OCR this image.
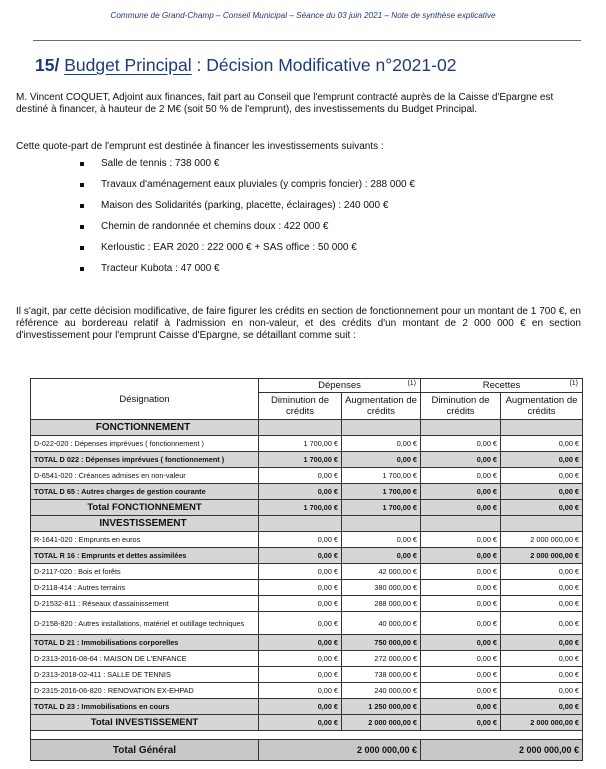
Commune de Grand-Champ – Conseil Municipal – Séance du 03 juin 2021 – Note de synthèse explicative
15/ Budget Principal : Décision Modificative n°2021-02
M. Vincent COQUET, Adjoint aux finances, fait part au Conseil que l'emprunt contracté auprès de la Caisse d'Epargne est destiné à financer, à hauteur de 2 M€ (soit 50 % de l'emprunt), des investissements du Budget Principal.
Cette quote-part de l'emprunt est destinée à financer les investissements suivants :
Salle de tennis : 738 000 €
Travaux d'aménagement eaux pluviales (y compris foncier) : 288 000 €
Maison des Solidarités (parking, placette, éclairages) : 240 000 €
Chemin de randonnée et chemins doux : 422 000 €
Kerloustic : EAR 2020 : 222 000 € + SAS office : 50 000 €
Tracteur Kubota : 47 000 €
Il s'agit, par cette décision modificative, de faire figurer les crédits en section de fonctionnement pour un montant de 1 700 €, en référence au bordereau relatif à l'admission en non-valeur, et des crédits d'un montant de 2 000 000 € en section d'investissement pour l'emprunt Caisse d'Epargne, se détaillant comme suit :
Désignation	Dépenses (1)		Recettes (1)	

	Diminution de crédits	Augmentation de crédits	Diminution de crédits	Augmentation de crédits
FONCTIONNEMENT				
D-022-020 : Dépenses imprévues ( fonctionnement )	1 700,00 €	0,00 €	0,00 €	0,00 €
TOTAL D 022 : Dépenses imprévues ( fonctionnement )	1 700,00 €	0,00 €	0,00 €	0,00 €
D-6541-020 : Créances admises en non-valeur	0,00 €	1 700,00 €	0,00 €	0,00 €
TOTAL D 65 : Autres charges de gestion courante	0,00 €	1 700,00 €	0,00 €	0,00 €
Total FONCTIONNEMENT	1 700,00 €	1 700,00 €	0,00 €	0,00 €
INVESTISSEMENT				
R-1641-020 : Emprunts en euros	0,00 €	0,00 €	0,00 €	2 000 000,00 €
TOTAL R 16 : Emprunts et dettes assimilées	0,00 €	0,00 €	0,00 €	2 000 000,00 €
D-2117-020 : Bois et forêts	0,00 €	42 000,00 €	0,00 €	0,00 €
D-2118-414 : Autres terrains	0,00 €	380 000,00 €	0,00 €	0,00 €
D-21532-811 : Réseaux d'assainissement	0,00 €	288 000,00 €	0,00 €	0,00 €
D-2158-820 : Autres installations, matériel et outillage techniques	0,00 €	40 000,00 €	0,00 €	0,00 €
TOTAL D 21 : Immobilisations corporelles	0,00 €	750 000,00 €	0,00 €	0,00 €
D-2313-2016-08-64 : MAISON DE L'ENFANCE	0,00 €	272 000,00 €	0,00 €	0,00 €
D-2313-2018-02-411 : SALLE DE TENNIS	0,00 €	738 000,00 €	0,00 €	0,00 €
D-2315-2016-06-820 : RENOVATION EX-EHPAD	0,00 €	240 000,00 €	0,00 €	0,00 €
TOTAL D 23 : Immobilisations en cours	0,00 €	1 250 000,00 €	0,00 €	0,00 €
Total INVESTISSEMENT	0,00 €	2 000 000,00 €	0,00 €	2 000 000,00 €

Total Général	2 000 000,00 €		2 000 000,00 €	
